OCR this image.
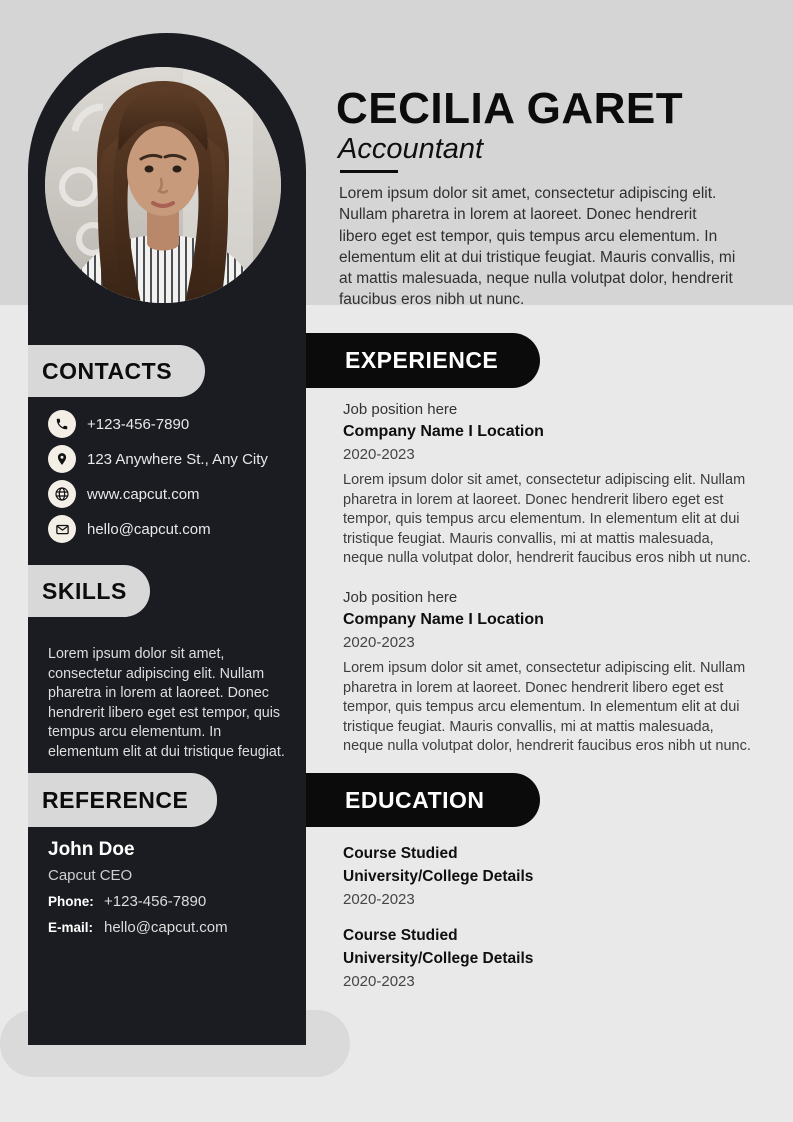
CONTACTS
+123-456-7890
123 Anywhere St., Any City
www.capcut.com
hello@capcut.com
SKILLS
Lorem ipsum dolor sit amet, consectetur adipiscing elit. Nullam pharetra in lorem at laoreet. Donec hendrerit libero eget est tempor, quis tempus arcu elementum. In elementum elit at dui tristique feugiat.
REFERENCE
John Doe
Capcut CEO
Phone: +123-456-7890
E-mail: hello@capcut.com
CECILIA GARET
Accountant
Lorem ipsum dolor sit amet, consectetur adipiscing elit. Nullam pharetra in lorem at laoreet. Donec hendrerit libero eget est tempor, quis tempus arcu elementum. In elementum elit at dui tristique feugiat. Mauris convallis, mi at mattis malesuada, neque nulla volutpat dolor, hendrerit faucibus eros nibh ut nunc.
EXPERIENCE
Job position here
Company Name I Location
2020-2023
Lorem ipsum dolor sit amet, consectetur adipiscing elit. Nullam pharetra in lorem at laoreet. Donec hendrerit libero eget est tempor, quis tempus arcu elementum. In elementum elit at dui tristique feugiat. Mauris convallis, mi at mattis malesuada, neque nulla volutpat dolor, hendrerit faucibus eros nibh ut nunc.
Job position here
Company Name I Location
2020-2023
Lorem ipsum dolor sit amet, consectetur adipiscing elit. Nullam pharetra in lorem at laoreet. Donec hendrerit libero eget est tempor, quis tempus arcu elementum. In elementum elit at dui tristique feugiat. Mauris convallis, mi at mattis malesuada, neque nulla volutpat dolor, hendrerit faucibus eros nibh ut nunc.
EDUCATION
Course Studied
University/College Details
2020-2023
Course Studied
University/College Details
2020-2023
